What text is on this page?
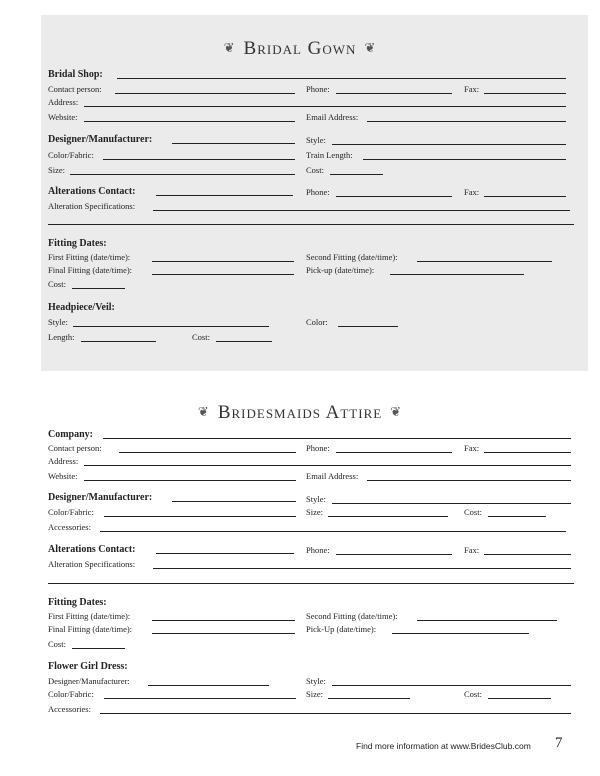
❦ Bridal Gown ❦
Bridal Shop:
Contact person:	Phone:	Fax:
Address:
Website:	Email Address:
Designer/Manufacturer:	Style:
Color/Fabric:	Train Length:
Size:	Cost:
Alterations Contact:	Phone:	Fax:
Alteration Specifications:
Fitting Dates:
First Fitting (date/time):	Second Fitting (date/time):
Final Fitting (date/time):	Pick-up (date/time):
Cost:
Headpiece/Veil:
Style:	Color:
Length:	Cost:
❦ Bridesmaids Attire ❦
Company:
Contact person:	Phone:	Fax:
Address:
Website:	Email Address:
Designer/Manufacturer:	Style:
Color/Fabric:	Size:	Cost:
Accessories:
Alterations Contact:	Phone:	Fax:
Alteration Specifications:
Fitting Dates:
First Fitting (date/time):	Second Fitting (date/time):
Final Fitting (date/time):	Pick-Up (date/time):
Cost:
Flower Girl Dress:
Designer/Manufacturer:	Style:
Color/Fabric:	Size:	Cost:
Accessories:
Find more information at www.BridesClub.com 7
